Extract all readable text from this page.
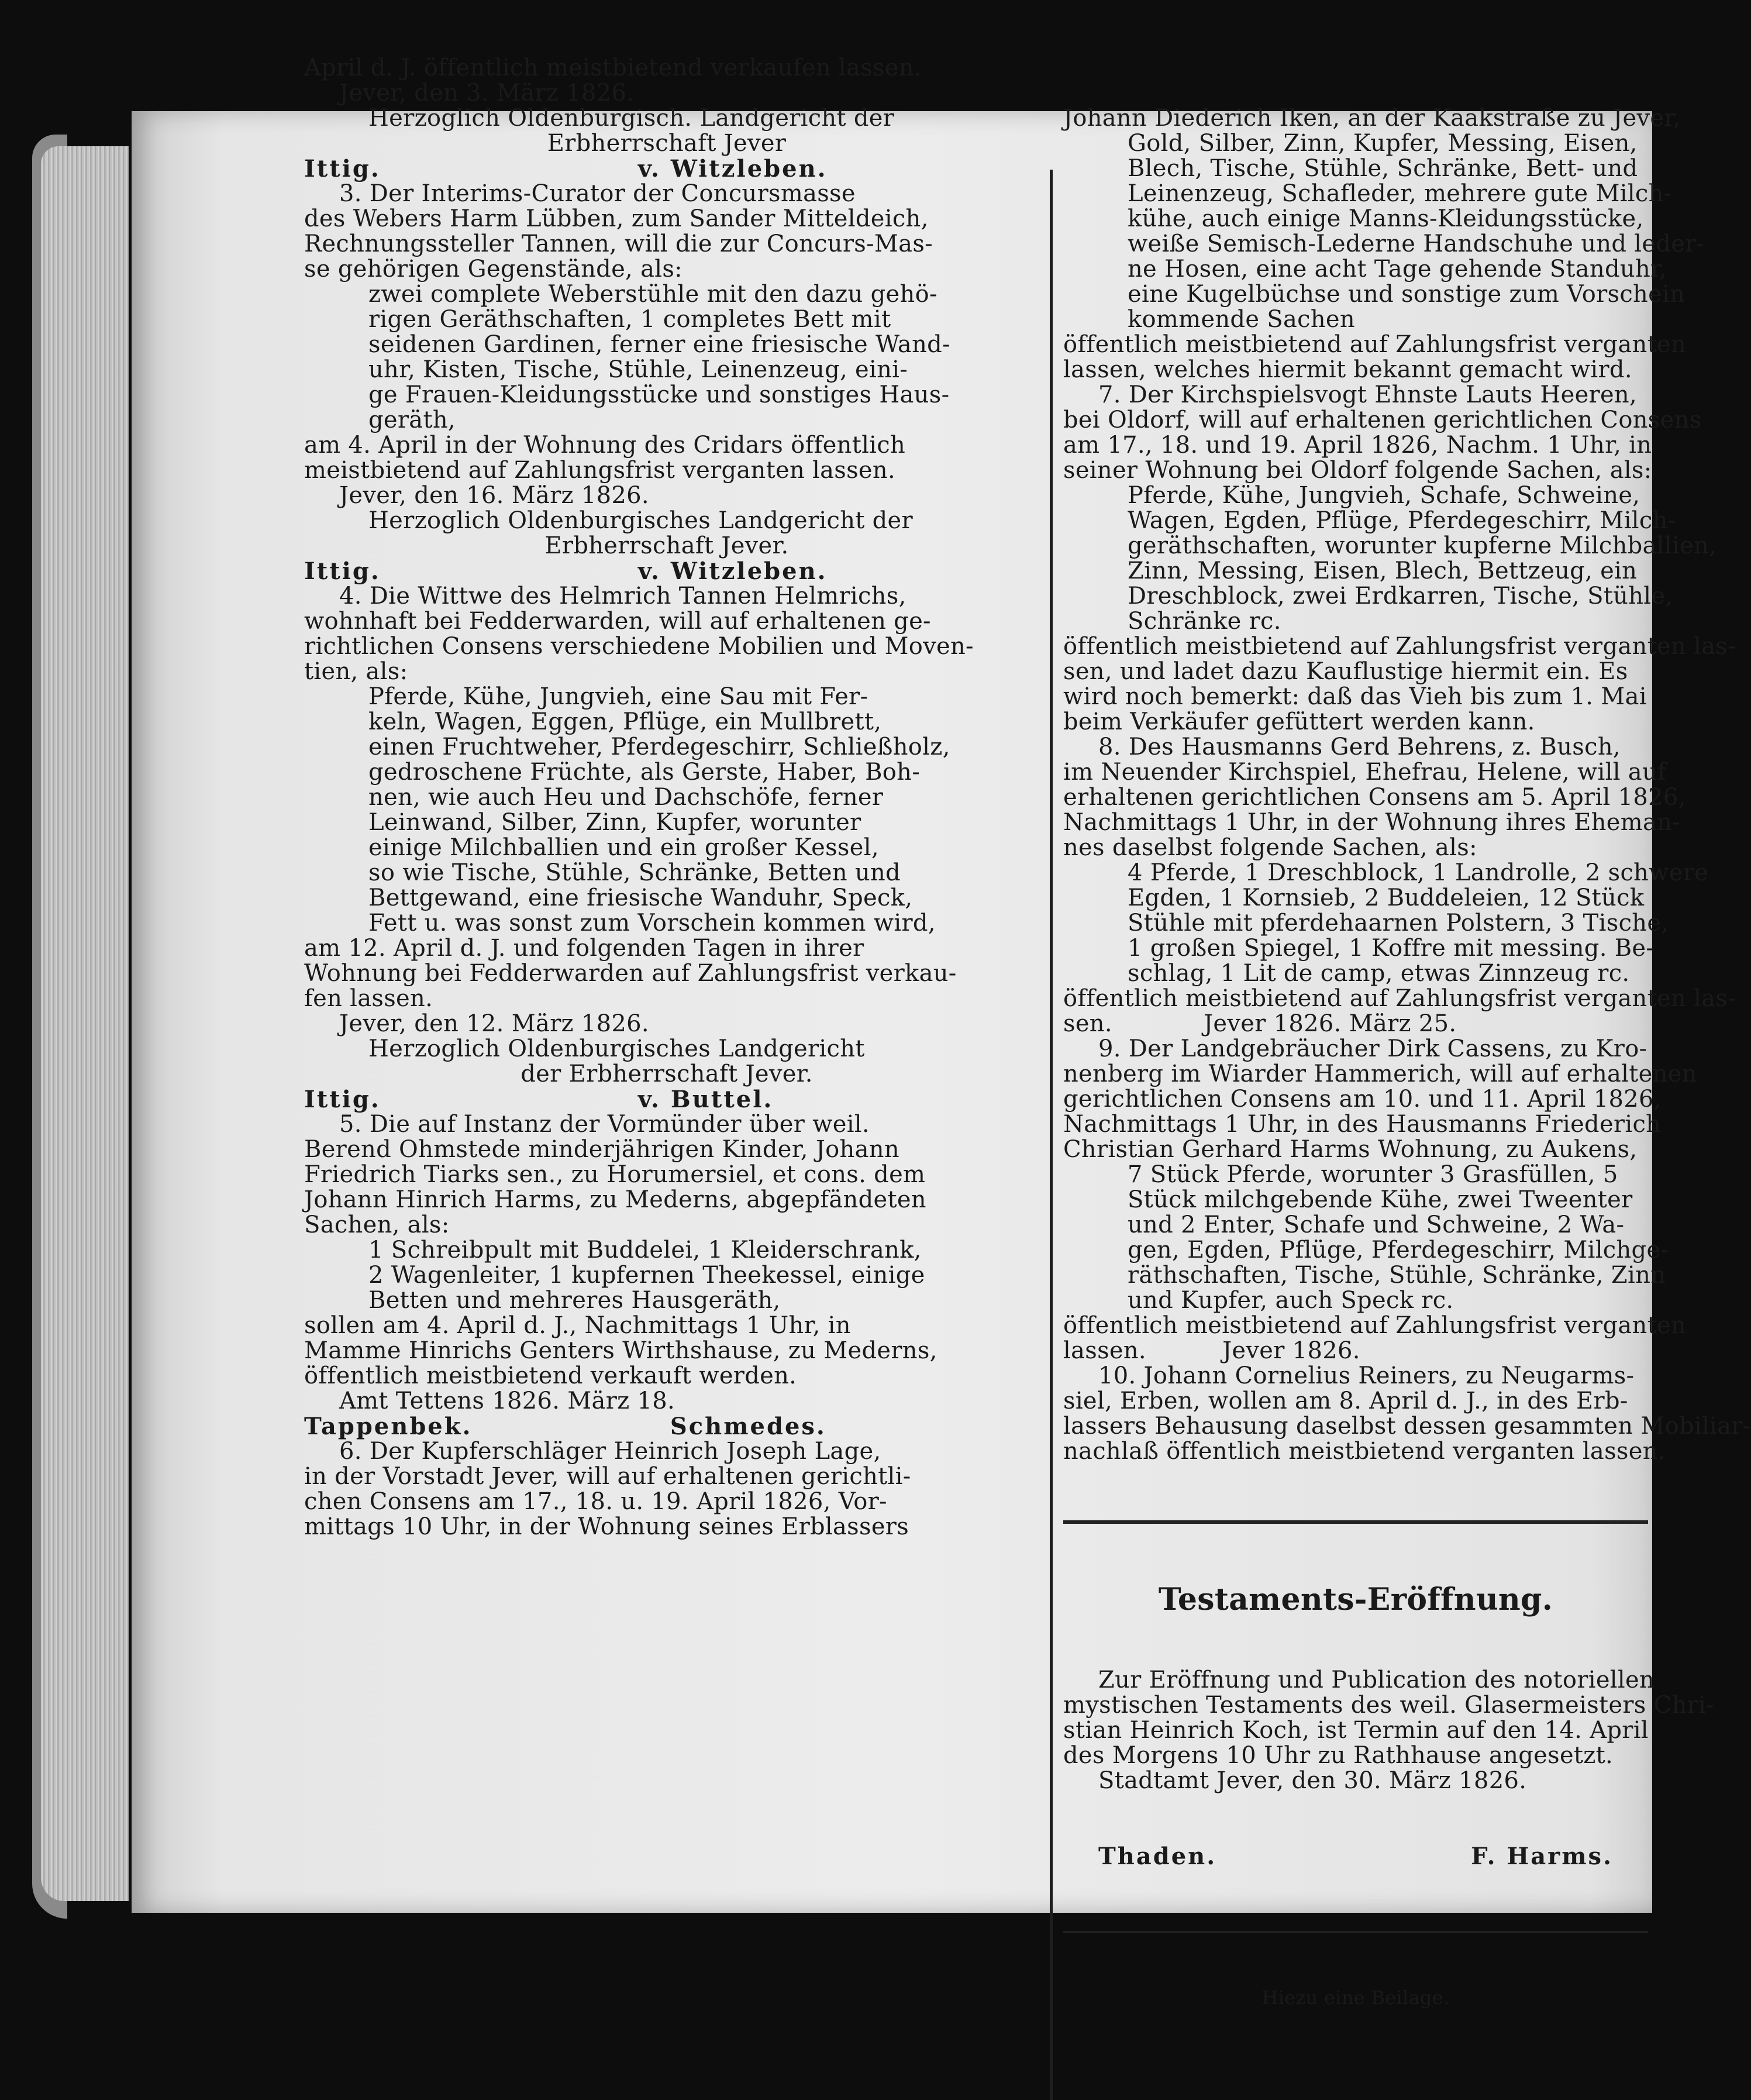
April d. J. öffentlich meistbietend verkaufen lassen.
Jever, den 3. März 1826.
Herzoglich Oldenburgisch. Landgericht der
Erbherrschaft Jever
Ittig.                          v. Witzleben.
3. Der Interims-Curator der Concursmasse
des Webers Harm Lübben, zum Sander Mitteldeich,
Rechnungssteller Tannen, will die zur Concurs-Mas-
se gehörigen Gegenstände, als:
zwei complete Weberstühle mit den dazu gehö-
rigen Geräthschaften, 1 completes Bett mit
seidenen Gardinen, ferner eine friesische Wand-
uhr, Kisten, Tische, Stühle, Leinenzeug, eini-
ge Frauen-Kleidungsstücke und sonstiges Haus-
geräth,
am 4. April in der Wohnung des Cridars öffentlich
meistbietend auf Zahlungsfrist verganten lassen.
Jever, den 16. März 1826.
Herzoglich Oldenburgisches Landgericht der
Erbherrschaft Jever.
Ittig.                          v. Witzleben.
4. Die Wittwe des Helmrich Tannen Helmrichs,
wohnhaft bei Fedderwarden, will auf erhaltenen ge-
richtlichen Consens verschiedene Mobilien und Moven-
tien, als:
Pferde, Kühe, Jungvieh, eine Sau mit Fer-
keln, Wagen, Eggen, Pflüge, ein Mullbrett,
einen Fruchtweher, Pferdegeschirr, Schließholz,
gedroschene Früchte, als Gerste, Haber, Boh-
nen, wie auch Heu und Dachschöfe, ferner
Leinwand, Silber, Zinn, Kupfer, worunter
einige Milchballien und ein großer Kessel,
so wie Tische, Stühle, Schränke, Betten und
Bettgewand, eine friesische Wanduhr, Speck,
Fett u. was sonst zum Vorschein kommen wird,
am 12. April d. J. und folgenden Tagen in ihrer
Wohnung bei Fedderwarden auf Zahlungsfrist verkau-
fen lassen.
Jever, den 12. März 1826.
Herzoglich Oldenburgisches Landgericht
der Erbherrschaft Jever.
Ittig.                          v. Buttel.
5. Die auf Instanz der Vormünder über weil.
Berend Ohmstede minderjährigen Kinder, Johann
Friedrich Tiarks sen., zu Horumersiel, et cons. dem
Johann Hinrich Harms, zu Mederns, abgepfändeten
Sachen, als:
1 Schreibpult mit Buddelei, 1 Kleiderschrank,
2 Wagenleiter, 1 kupfernen Theekessel, einige
Betten und mehreres Hausgeräth,
sollen am 4. April d. J., Nachmittags 1 Uhr, in
Mamme Hinrichs Genters Wirthshause, zu Mederns,
öffentlich meistbietend verkauft werden.
Amt Tettens 1826. März 18.
Tappenbek.                    Schmedes.
6. Der Kupferschläger Heinrich Joseph Lage,
in der Vorstadt Jever, will auf erhaltenen gerichtli-
chen Consens am 17., 18. u. 19. April 1826, Vor-
mittags 10 Uhr, in der Wohnung seines Erblassers

Johann Diederich Iken, an der Kaakstraße zu Jever,
Gold, Silber, Zinn, Kupfer, Messing, Eisen,
Blech, Tische, Stühle, Schränke, Bett- und
Leinenzeug, Schafleder, mehrere gute Milch-
kühe, auch einige Manns-Kleidungsstücke,
weiße Semisch-Lederne Handschuhe und leder-
ne Hosen, eine acht Tage gehende Standuhr,
eine Kugelbüchse und sonstige zum Vorschein
kommende Sachen
öffentlich meistbietend auf Zahlungsfrist verganten
lassen, welches hiermit bekannt gemacht wird.
7. Der Kirchspielsvogt Ehnste Lauts Heeren,
bei Oldorf, will auf erhaltenen gerichtlichen Consens
am 17., 18. und 19. April 1826, Nachm. 1 Uhr, in
seiner Wohnung bei Oldorf folgende Sachen, als:
Pferde, Kühe, Jungvieh, Schafe, Schweine,
Wagen, Egden, Pflüge, Pferdegeschirr, Milch-
geräthschaften, worunter kupferne Milchballien,
Zinn, Messing, Eisen, Blech, Bettzeug, ein
Dreschblock, zwei Erdkarren, Tische, Stühle,
Schränke rc.
öffentlich meistbietend auf Zahlungsfrist verganten las-
sen, und ladet dazu Kauflustige hiermit ein. Es
wird noch bemerkt: daß das Vieh bis zum 1. Mai
beim Verkäufer gefüttert werden kann.
8. Des Hausmanns Gerd Behrens, z. Busch,
im Neuender Kirchspiel, Ehefrau, Helene, will auf
erhaltenen gerichtlichen Consens am 5. April 1826,
Nachmittags 1 Uhr, in der Wohnung ihres Eheman-
nes daselbst folgende Sachen, als:
4 Pferde, 1 Dreschblock, 1 Landrolle, 2 schwere
Egden, 1 Kornsieb, 2 Buddeleien, 12 Stück
Stühle mit pferdehaarnen Polstern, 3 Tische,
1 großen Spiegel, 1 Koffre mit messing. Be-
schlag, 1 Lit de camp, etwas Zinnzeug rc.
öffentlich meistbietend auf Zahlungsfrist verganten las-
sen.            Jever 1826. März 25.
9. Der Landgebräucher Dirk Cassens, zu Kro-
nenberg im Wiarder Hammerich, will auf erhaltenen
gerichtlichen Consens am 10. und 11. April 1826,
Nachmittags 1 Uhr, in des Hausmanns Friederich
Christian Gerhard Harms Wohnung, zu Aukens,
7 Stück Pferde, worunter 3 Grasfüllen, 5
Stück milchgebende Kühe, zwei Tweenter
und 2 Enter, Schafe und Schweine, 2 Wa-
gen, Egden, Pflüge, Pferdegeschirr, Milchge-
räthschaften, Tische, Stühle, Schränke, Zinn
und Kupfer, auch Speck rc.
öffentlich meistbietend auf Zahlungsfrist verganten
lassen.          Jever 1826.
10. Johann Cornelius Reiners, zu Neugarms-
siel, Erben, wollen am 8. April d. J., in des Erb-
lassers Behausung daselbst dessen gesammten Mobiliar-
nachlaß öffentlich meistbietend verganten lassen.

Testaments-Eröffnung.

Zur Eröffnung und Publication des notoriellen
mystischen Testaments des weil. Glasermeisters Chri-
stian Heinrich Koch, ist Termin auf den 14. April
des Morgens 10 Uhr zu Rathhause angesetzt.
Stadtamt Jever, den 30. März 1826.

Thaden.	F. Harms.

Hiezu eine Beilage.
